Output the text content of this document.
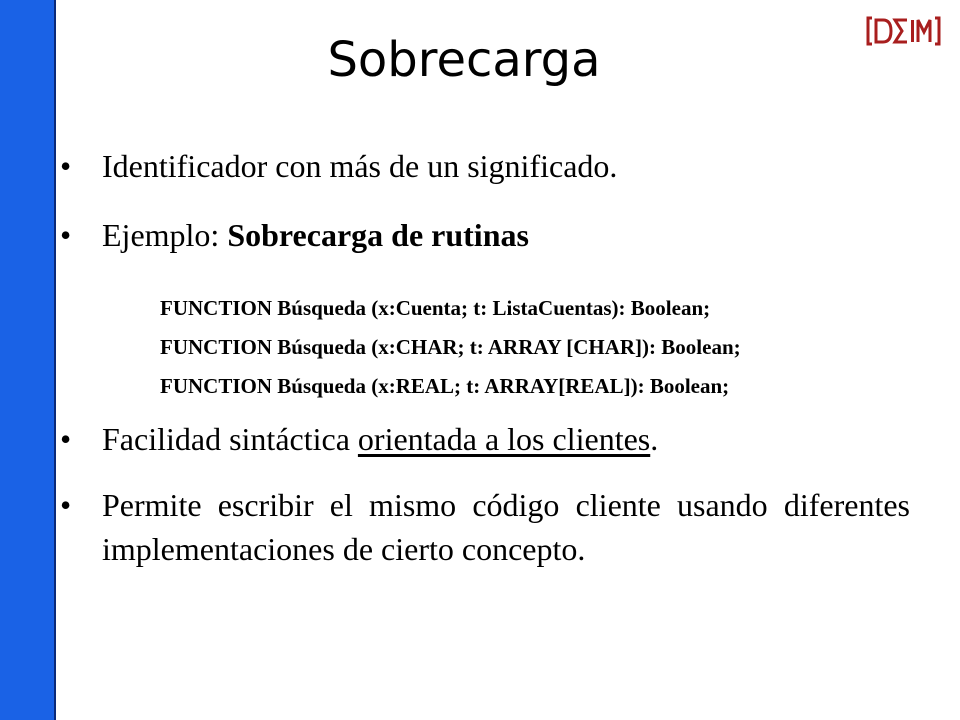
Sobrecarga
• Identificador con más de un significado.
• Ejemplo: Sobrecarga de rutinas
FUNCTION Búsqueda (x:Cuenta; t: ListaCuentas): Boolean;
FUNCTION Búsqueda (x:CHAR; t: ARRAY [CHAR]): Boolean;
FUNCTION Búsqueda (x:REAL; t: ARRAY[REAL]): Boolean;
• Facilidad sintáctica orientada a los clientes.
• Permite escribir el mismo código cliente usando diferentes implementaciones de cierto concepto.
